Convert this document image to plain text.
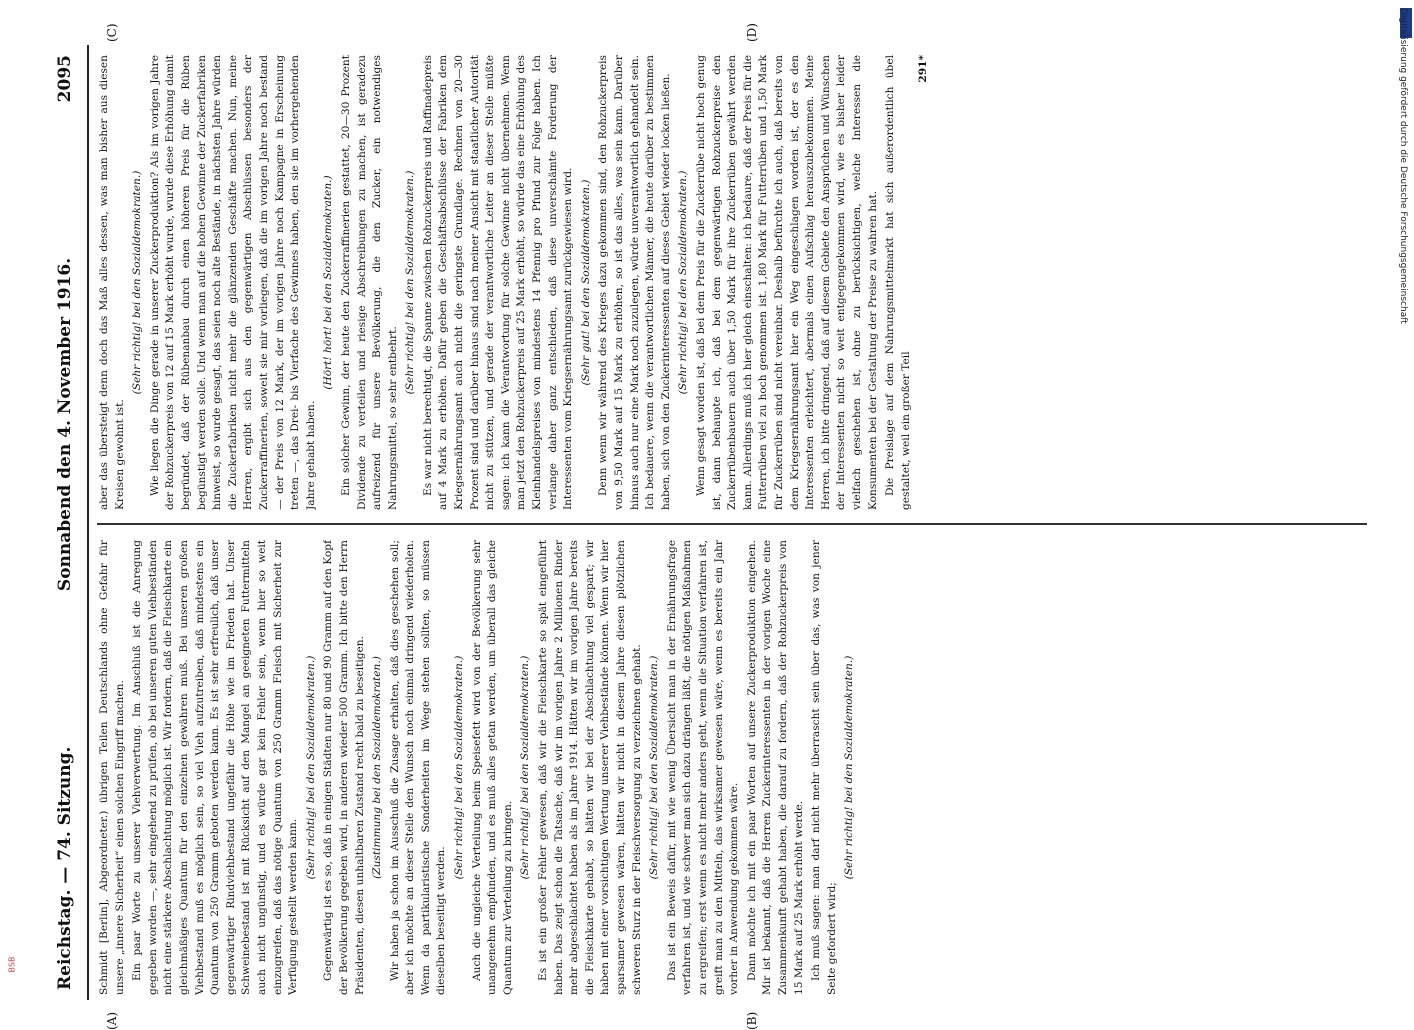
Reichstag. — 74. Sitzung.
Sonnabend den 4. November 1916.
2095
(A)	(B)
(C)	(D)

Schmidt [Berlin], Abgeordneter.) übrigen Teilen Deutschlands ohne Gefahr für unsere „innere Sicherheit“ einen solchen Eingriff machen. Ein paar Worte zu unserer Viehverwertung. Im Anschluß ist die Anregung gegeben worden —, sehr eingehend zu prüfen, ob bei unseren guten Viehbeständen nicht eine stärkere Abschlachtung möglich ist. Wir fordern, daß die Fleischkarte ein gleichmäßiges Quantum für den einzelnen gewähren muß. Bei unseren großen Viehbestand muß es möglich sein, so viel Vieh aufzutreiben, daß mindestens ein Quantum von 250 Gramm geboten werden kann. Es ist sehr erfreulich, daß unser gegenwärtiger Rindviehbestand ungefähr die Höhe wie im Frieden hat. Unser Schweinebestand ist mit Rücksicht auf den Mangel an geeigneten Futtermitteln auch nicht ungünstig, und es würde gar kein Fehler sein, wenn hier so weit einzugreifen, daß das nötige Quantum von 250 Gramm Fleisch mit Sicherheit zur Verfügung gestellt werden kann.

(Sehr richtig! bei den Sozialdemokraten.) Gegenwärtig ist es so, daß in einigen Städten nur 80 und 90 Gramm auf den Kopf der Bevölkerung gegeben wird, in anderen wieder 500 Gramm. Ich bitte den Herrn Präsidenten, diesen unhaltbaren Zustand recht bald zu beseitigen. (Zustimmung bei den Sozialdemokraten.) Wir haben ja schon im Ausschuß die Zusage erhalten, daß dies geschehen soll; aber ich möchte an dieser Stelle den Wunsch noch einmal dringend wiederholen. Wenn da partikularistische Sonderheiten im Wege stehen sollten, so müssen dieselben beseitigt werden.

(Sehr richtig! bei den Sozialdemokraten.) Auch die ungleiche Verteilung beim Speisefett wird von der Bevölkerung sehr unangenehm empfunden, und es muß alles getan werden, um überall das gleiche Quantum zur Verteilung zu bringen.

(Sehr richtig! bei den Sozialdemokraten.) Es ist ein großer Fehler gewesen, daß wir die Fleischkarte so spät eingeführt haben. Das zeigt schon die Tatsache, daß wir im vorigen Jahre 2 Millionen Rinder mehr abgeschlachtet haben als im Jahre 1914. Hätten wir im vorigen Jahre bereits die Fleischkarte gehabt, so hätten wir bei der Abschlachtung viel gespart; wir haben mit einer vorsichtigen Wertung unserer Viehbestände können. Wenn wir hier sparsamer gewesen wären, hätten wir nicht in diesem Jahre diesen plötzlichen schweren Sturz in der Fleischversorgung zu verzeichnen gehabt. (Sehr richtig! bei den Sozialdemokraten.) Das ist ein Beweis dafür, mit wie wenig Übersicht man in der Ernährungsfrage verfahren ist, und wie schwer man sich dazu drängen läßt, die nötigen Maßnahmen zu ergreifen; erst wenn es nicht mehr anders geht, wenn die Situation verfahren ist, greift man zu den Mitteln, das wirksamer gewesen wäre, wenn es bereits ein Jahr vorher in Anwendung gekommen wäre. Dann möchte ich mit ein paar Worten auf unsere Zuckerproduktion eingehen. Mir ist bekannt, daß die Herren Zuckerinteressenten in der vorigen Woche eine Zusammenkunft gehabt haben, die darauf zu fordern, daß der Rohzuckerpreis von 15 Mark auf 25 Mark erhöht werde. Ich muß sagen: man darf nicht mehr überrascht sein über das, was von jener Seite gefordert wird;

(Sehr richtig! bei den Sozialdemokraten.)

aber das übersteigt denn doch das Maß alles dessen, was man bisher aus diesen Kreisen gewohnt ist.

(Sehr richtig! bei den Sozialdemokraten.) Wie liegen die Dinge gerade in unserer Zuckerproduktion? Als im vorigen Jahre der Rohzuckerpreis von 12 auf 15 Mark erhöht wurde, wurde diese Erhöhung damit begründet, daß der Rübenanbau durch einen höheren Preis für die Rüben begünstigt werden solle. Und wenn man auf die hohen Gewinne der Zuckerfabriken hinweist, so wurde gesagt, das seien noch alte Bestände, in nächsten Jahre würden die Zuckerfabriken nicht mehr die glänzenden Geschäfte machen. Nun, meine Herren, ergibt sich aus den gegenwärtigen Abschlüssen besonders der Zuckerraffinerien, soweit sie mir vorliegen, daß die im vorigen Jahre noch bestand — der Preis von 12 Mark, der im vorigen Jahre noch Kampagne in Erscheinung treten —, das Drei- bis Vierfache des Gewinnes haben, den sie im vorhergehenden Jahre gehabt haben.

(Hört! hört! bei den Sozialdemokraten.) Ein solcher Gewinn, der heute den Zuckerraffinerien gestattet, 20—30 Prozent Dividende zu verteilen und riesige Abschreibungen zu machen, ist geradezu aufreizend für unsere Bevölkerung, die den Zucker, ein notwendiges Nahrungsmittel, so sehr entbehrt.

(Sehr richtig! bei den Sozialdemokraten.) Es war nicht berechtigt, die Spanne zwischen Rohzuckerpreis und Raffinadepreis auf 4 Mark zu erhöhen. Dafür geben die Geschäftsabschlüsse der Fabriken dem Kriegsernährungsamt auch nicht die geringste Grundlage. Rechnen von 20—30 Prozent sind und darüber hinaus sind nach meiner Ansicht mit staatlicher Autorität nicht zu stützen, und gerade der verantwortliche Leiter an dieser Stelle müßte sagen: ich kann die Verantwortung für solche Gewinne nicht übernehmen. Wenn man jetzt den Rohzuckerpreis auf 25 Mark erhöht, so würde das eine Erhöhung des Kleinhandelspreises von mindestens 14 Pfennig pro Pfund zur Folge haben. Ich verlange daher ganz entschieden, daß diese unverschämte Forderung der Interessenten vom Kriegsernährungsamt zurückgewiesen wird. (Sehr gut! bei den Sozialdemokraten.) Denn wenn wir während des Krieges dazu gekommen sind, den Rohzuckerpreis von 9,50 Mark auf 15 Mark zu erhöhen, so ist das alles, was sein kann. Darüber hinaus auch nur eine Mark noch zuzulegen, würde unverantwortlich gehandelt sein. Ich bedauere, wenn die verantwortlichen Männer, die heute darüber zu bestimmen haben, sich von den Zuckerinteressenten auf dieses Gebiet wieder locken ließen. (Sehr richtig! bei den Sozialdemokraten.) Wenn gesagt worden ist, daß bei dem Preis für die Zuckerrübe nicht hoch genug ist, dann behaupte ich, daß bei dem gegenwärtigen Rohzuckerpreise den Zuckerrübenbauern auch über 1,50 Mark für ihre Zuckerrüben gewährt werden kann. Allerdings muß ich hier gleich einschalten: ich bedaure, daß der Preis für die Futterrüben viel zu hoch genommen ist. 1,80 Mark für Futterrüben und 1,50 Mark für Zuckerrüben sind nicht vereinbar. Deshalb befürchte ich auch, daß bereits von dem Kriegsernährungsamt hier ein Weg eingeschlagen worden ist, der es den Interessenten erleichtert, abermals einen Aufschlag herauszubekommen. Meine Herren, ich bitte dringend, daß auf diesem Gebiete den Ansprüchen und Wünschen der Interessenten nicht so weit entgegengekommen wird, wie es bisher leider vielfach geschehen ist, ohne zu berücksichtigen, welche Interessen die Konsumenten bei der Gestaltung der Preise zu wahren hat. Die Preislage auf dem Nahrungsmittelmarkt hat sich außerordentlich übel gestaltet, weil ein großer Teil

291*	Digitalisierung gefördert durch die Deutsche Forschungsgemeinschaft
BSB
